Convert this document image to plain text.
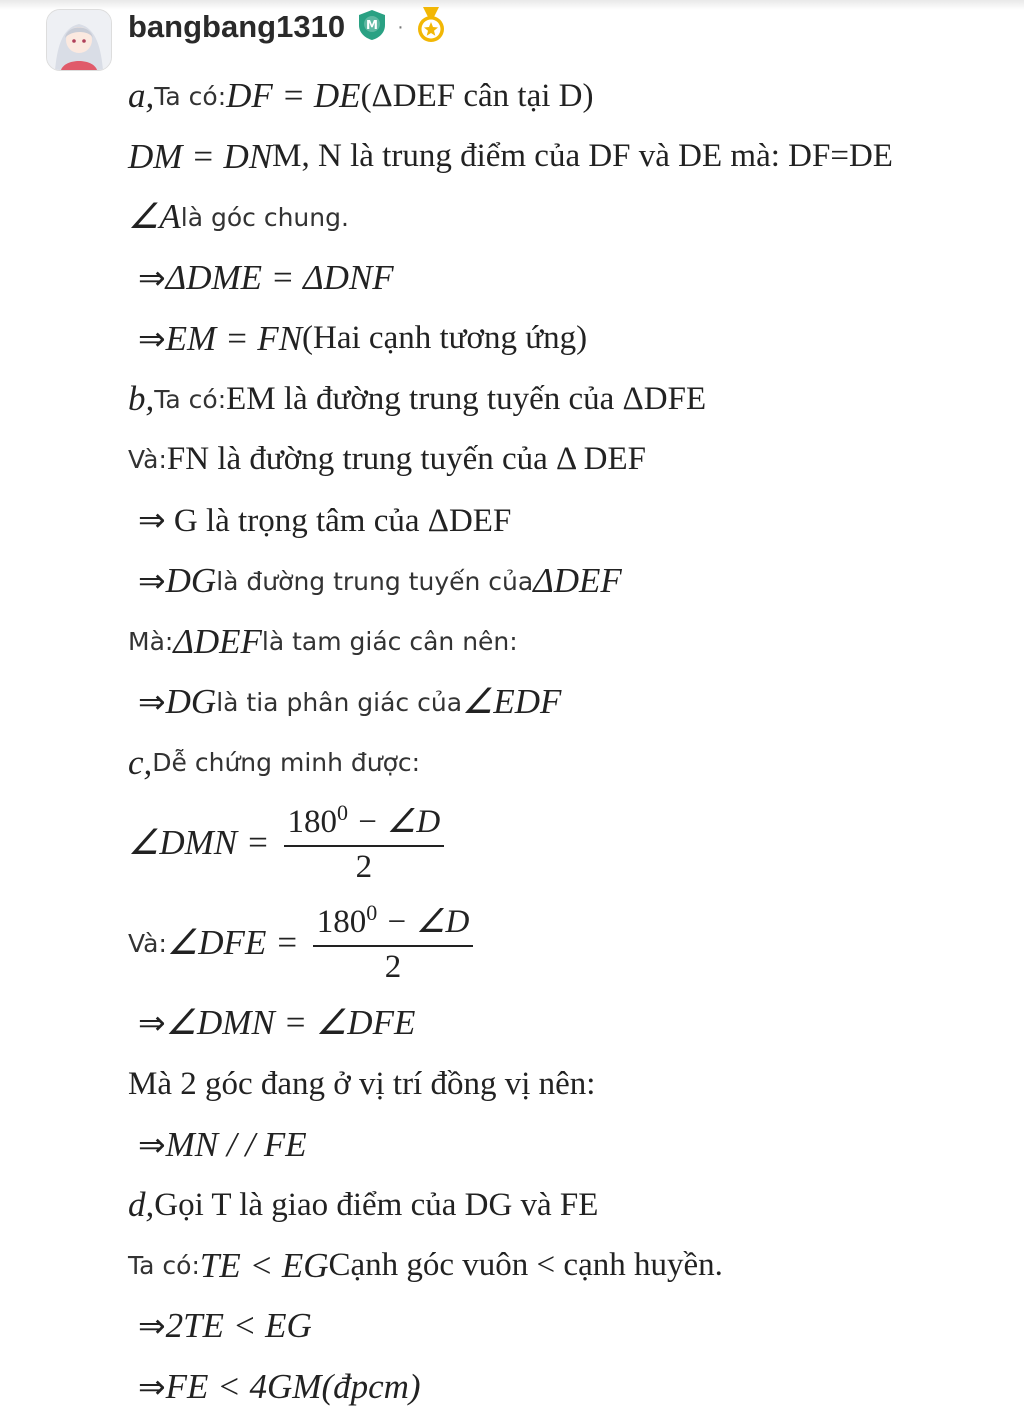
bangbang1310 M ·
a, Ta có: DF = DE (ΔDEF cân tại D)
DM = DN M, N là trung điểm của DF và DE mà: DF=DE
∠A là góc chung.
⇒ ΔDME = ΔDNF
⇒ EM = FN (Hai cạnh tương ứng)
b, Ta có: EM là đường trung tuyến của ΔDFE
Và: FN là đường trung tuyến của Δ DEF
⇒ G là trọng tâm của ΔDEF
⇒ DG là đường trung tuyến của ΔDEF
Mà: ΔDEF là tam giác cân nên:
⇒ DG là tia phân giác của ∠EDF
c, Dễ chứng minh được:
∠DMN = $\frac{180^0 - \angle D}{2}$
Và: ∠DFE = $\frac{180^0 - \angle D}{2}$
⇒ ∠DMN = ∠DFE
Mà 2 góc đang ở vị trí đồng vị nên:
⇒ MN / / FE
d, Gọi T là giao điểm của DG và FE
Ta có: TE < EG Cạnh góc vuôn < cạnh huyền.
⇒ 2TE < EG
⇒ FE < 4GM(đpcm)
